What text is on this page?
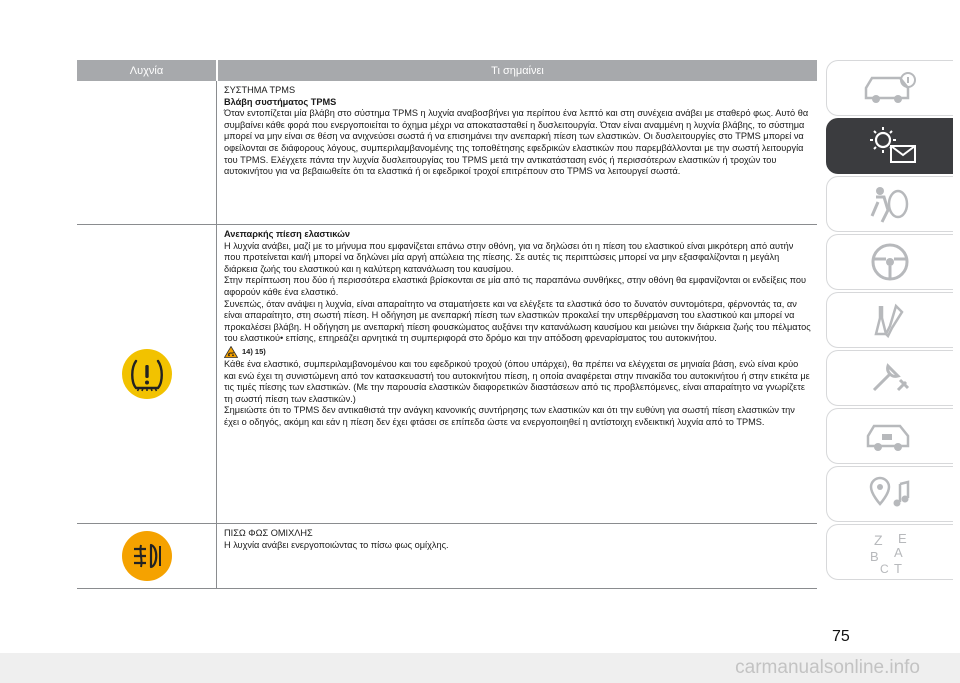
Λυχνία	Τι σημαίνει

ΣΥΣΤΗΜΑ TPMS

Βλάβη συστήματος TPMS

Όταν εντοπίζεται μία βλάβη στο σύστημα TPMS η λυχνία αναβοσβήνει για περίπου ένα λεπτό και στη συνέχεια ανάβει με σταθερό φως. Αυτό θα συμβαίνει κάθε φορά που ενεργοποιείται το όχημα μέχρι να αποκατασταθεί η δυσλειτουργία. Όταν είναι αναμμένη η λυχνία βλάβης, το σύστημα μπορεί να μην είναι σε θέση να ανιχνεύσει σωστά ή να επισημάνει την ανεπαρκή πίεση των ελαστικών. Οι δυσλειτουργίες στο TPMS μπορεί να οφείλονται σε διάφορους λόγους, συμπεριλαμβανομένης της τοποθέτησης εφεδρικών ελαστικών που παρεμβάλλονται με την σωστή λειτουργία του TPMS. Ελέγχετε πάντα την λυχνία δυσλειτουργίας του TPMS μετά την αντικατάσταση ενός ή περισσότερων ελαστικών ή τροχών του αυτοκινήτου για να βεβαιωθείτε ότι τα ελαστικά ή οι εφεδρικοί τροχοί επιτρέπουν στο TPMS να λειτουργεί σωστά.

Ανεπαρκής πίεση ελαστικών

Η λυχνία ανάβει, μαζί με το μήνυμα που εμφανίζεται επάνω στην οθόνη, για να δηλώσει ότι η πίεση του ελαστικού είναι μικρότερη από αυτήν που προτείνεται και/ή μπορεί να δηλώνει μία αργή απώλεια της πίεσης. Σε αυτές τις περιπτώσεις μπορεί να μην εξασφαλίζονται η μεγάλη διάρκεια ζωής του ελαστικού και η καλύτερη κατανάλωση του καυσίμου.

Στην περίπτωση που δύο ή περισσότερα ελαστικά βρίσκονται σε μία από τις παραπάνω συνθήκες, στην οθόνη θα εμφανίζονται οι ενδείξεις που αφορούν κάθε ένα ελαστικό.

Συνεπώς, όταν ανάψει η λυχνία, είναι απαραίτητο να σταματήσετε και να ελέγξετε τα ελαστικά όσο το δυνατόν συντομότερα, φέρνοντάς τα, αν είναι απαραίτητο, στη σωστή πίεση. Η οδήγηση με ανεπαρκή πίεση των ελαστικών προκαλεί την υπερθέρμανση του ελαστικού και μπορεί να προκαλέσει βλάβη. Η οδήγηση με ανεπαρκή πίεση φουσκώματος αυξάνει την κατανάλωση καυσίμου και μειώνει την διάρκεια ζωής του πέλματος του ελαστικού• επίσης, επηρεάζει αρνητικά τη συμπεριφορά στο δρόμο και την απόδοση φρεναρίσματος του αυτοκινήτου.

14) 15)

Κάθε ένα ελαστικό, συμπεριλαμβανομένου και του εφεδρικού τροχού (όπου υπάρχει), θα πρέπει να ελέγχεται σε μηνιαία βάση, ενώ είναι κρύο και ενώ έχει τη συνιστώμενη από τον κατασκευαστή του αυτοκινήτου πίεση, η οποία αναφέρεται στην πινακίδα του αυτοκινήτου ή στην ετικέτα με τις τιμές πίεσης των ελαστικών. (Με την παρουσία ελαστικών διαφορετικών διαστάσεων από τις προβλεπόμενες, είναι απαραίτητο να γνωρίζετε τη σωστή πίεση των ελαστικών.)

Σημειώστε ότι το TPMS δεν αντικαθιστά την ανάγκη κανονικής συντήρησης των ελαστικών και ότι την ευθύνη για σωστή πίεση ελαστικών την έχει ο οδηγός, ακόμη και εάν η πίεση δεν έχει φτάσει σε επίπεδα ώστε να ενεργοποιηθεί η αντίστοιχη ενδεικτική λυχνία από το TPMS.

ΠΙΣΩ ΦΩΣ ΟΜΙΧΛΗΣ

Η λυχνία ανάβει ενεργοποιώντας το πίσω φως ομίχλης.	Z E
B A
C T
75
carmanualsonline.info
